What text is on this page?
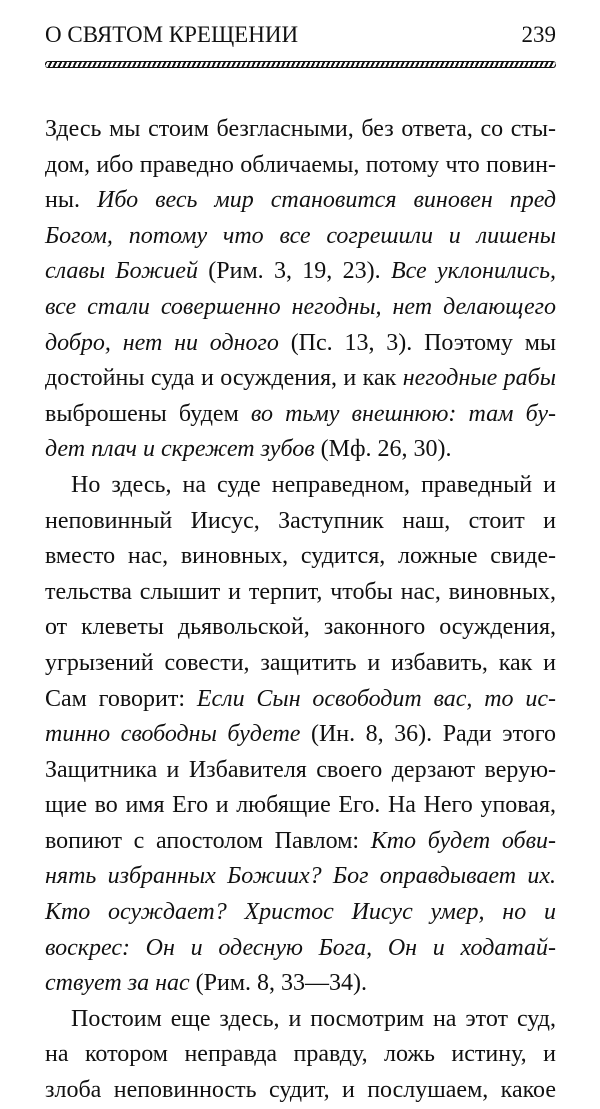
О СВЯТОМ КРЕЩЕНИИ	239
Здесь мы стоим безгласными, без ответа, со сты-
дом, ибо праведно обличаемы, потому что повин-
ны. Ибо весь мир становится виновен пред
Богом, потому что все согрешили и лишены
славы Божией (Рим. 3, 19, 23). Все уклонились,
все стали совершенно негодны, нет делающего
добро, нет ни одного (Пс. 13, 3). Поэтому мы
достойны суда и осуждения, и как негодные рабы
выброшены будем во тьму внешнюю: там бу-
дет плач и скрежет зубов (Мф. 26, 30).
Но здесь, на суде неправедном, праведный и
неповинный Иисус, Заступник наш, стоит и
вместо нас, виновных, судится, ложные свиде-
тельства слышит и терпит, чтобы нас, виновных,
от клеветы дьявольской, законного осуждения,
угрызений совести, защитить и избавить, как и
Сам говорит: Если Сын освободит вас, то ис-
тинно свободны будете (Ин. 8, 36). Ради этого
Защитника и Избавителя своего дерзают верую-
щие во имя Его и любящие Его. На Него уповая,
вопиют с апостолом Павлом: Кто будет обви-
нять избранных Божиих? Бог оправдывает их.
Кто осуждает? Христос Иисус умер, но и
воскрес: Он и одесную Бога, Он и ходатай-
ствует за нас (Рим. 8, 33—34).
Постоим еще здесь, и посмотрим на этот суд,
на котором неправда правду, ложь истину, и
злоба неповинность судит, и послушаем, какое
